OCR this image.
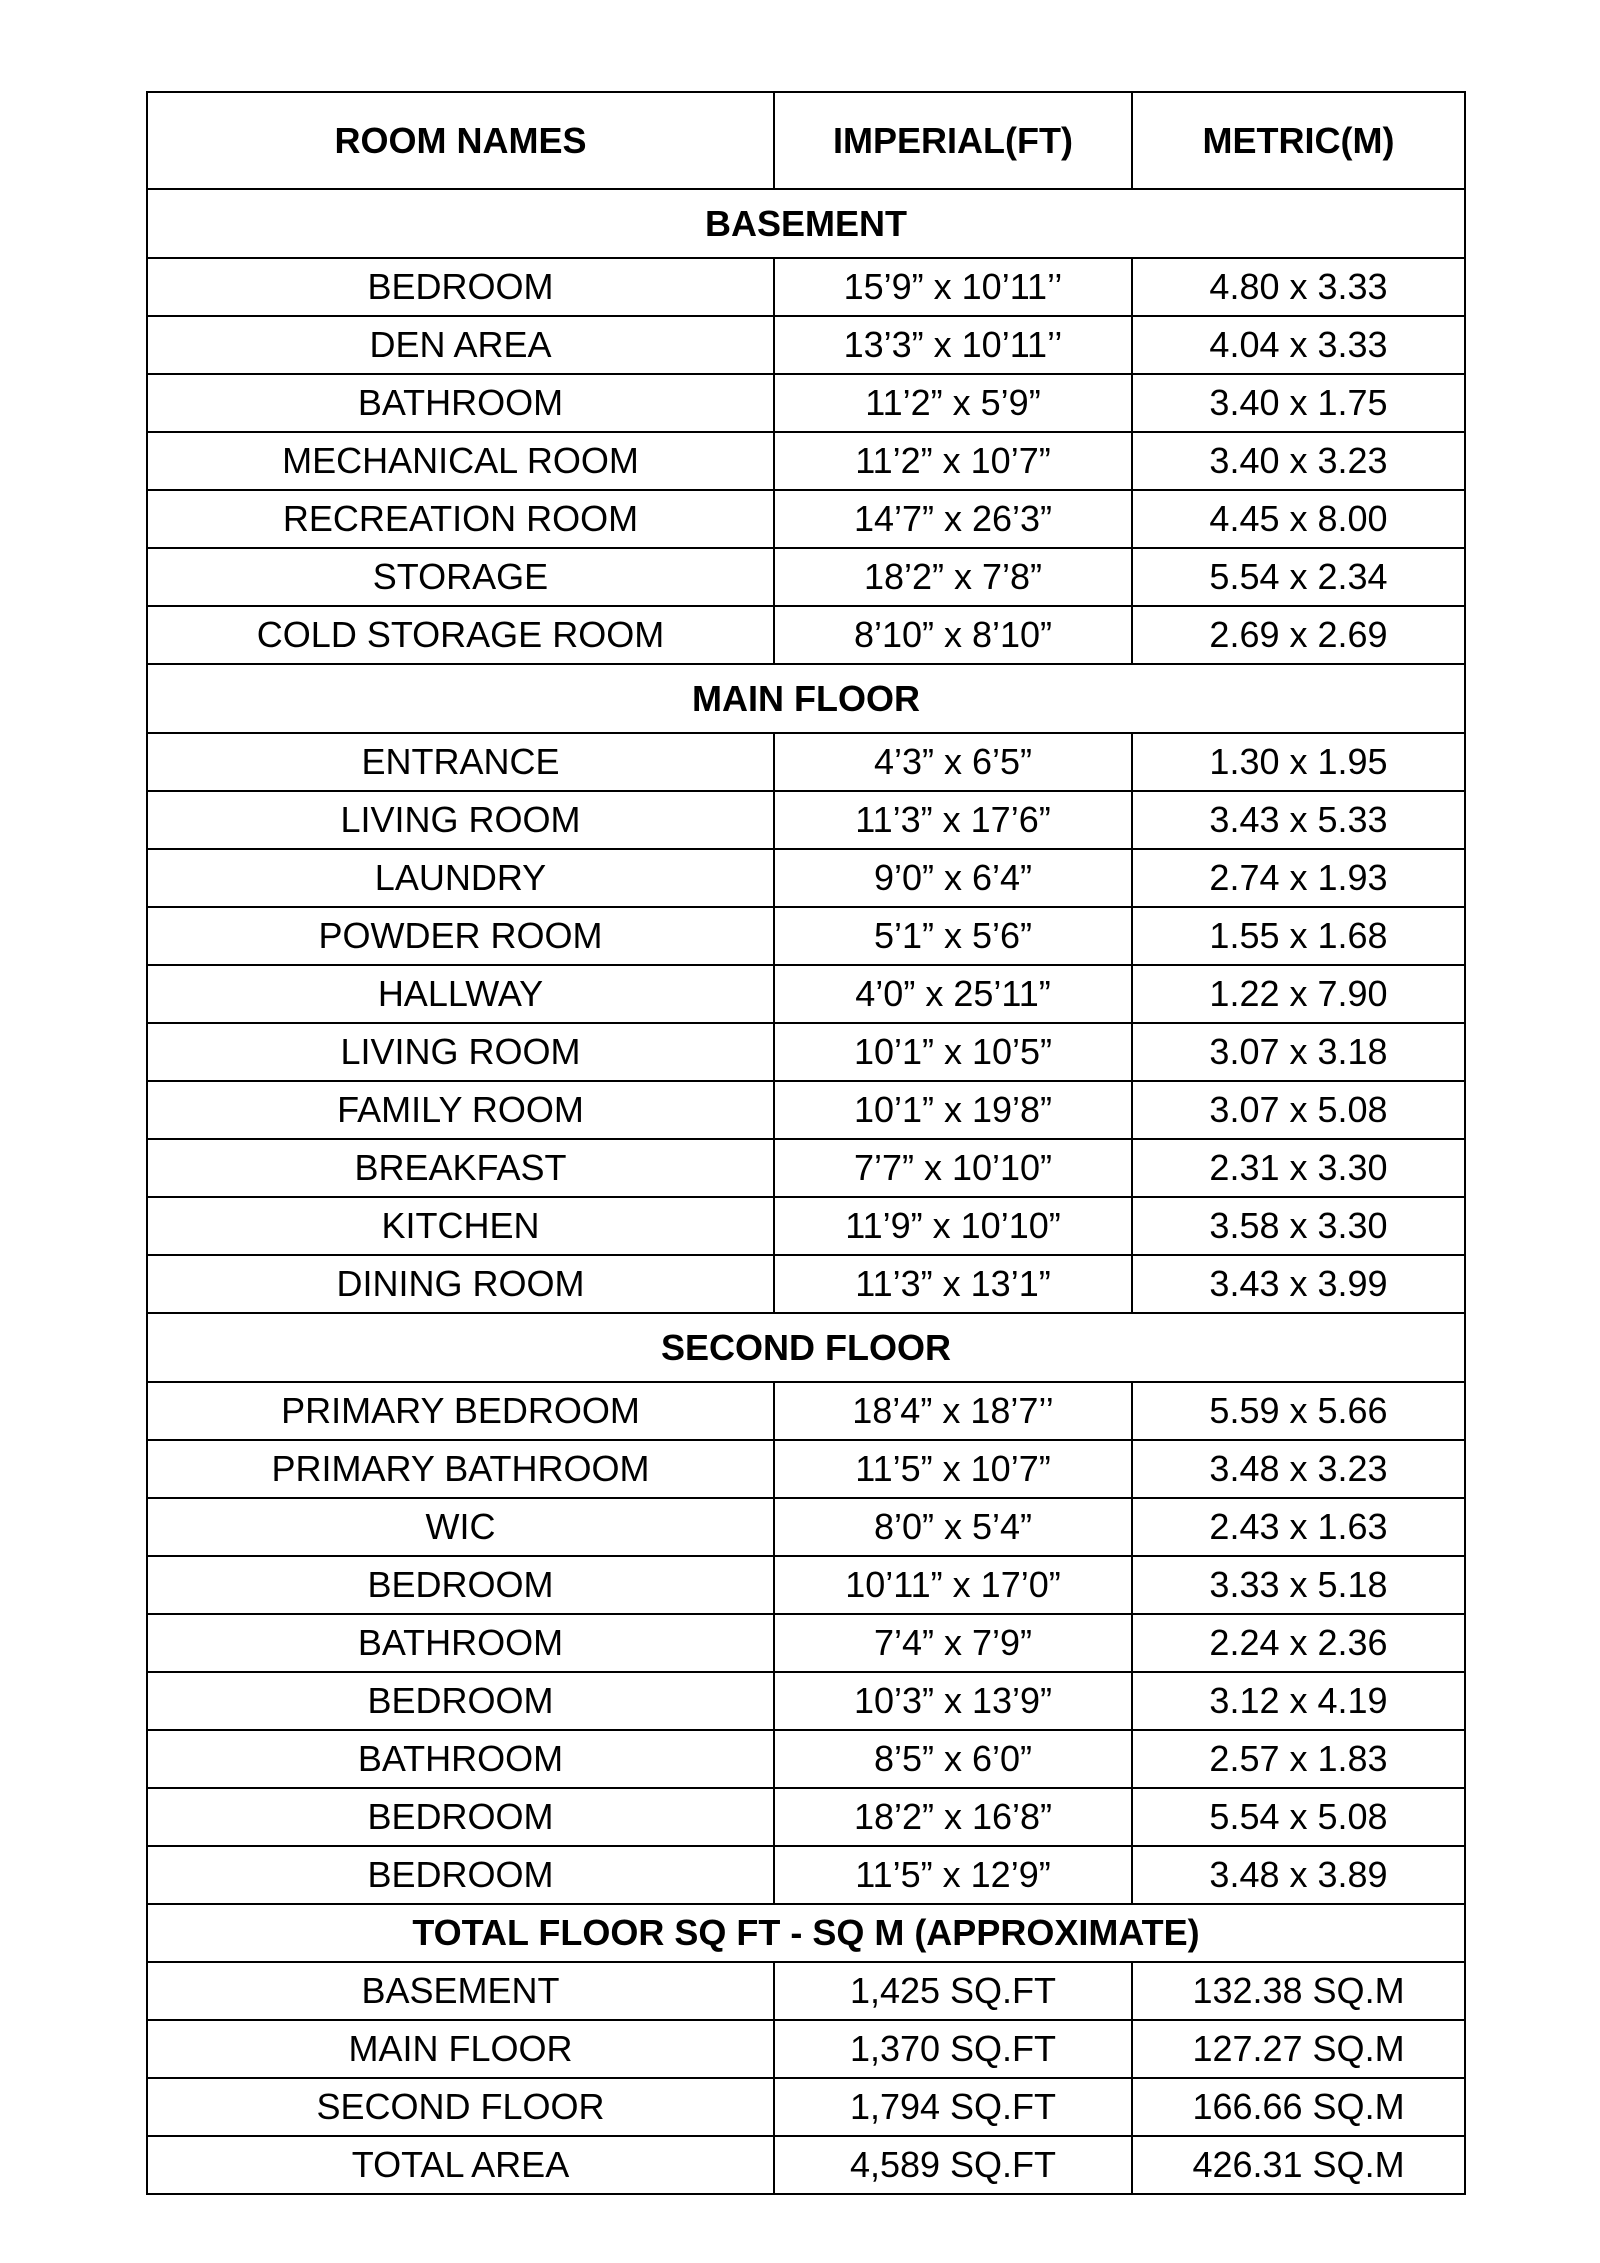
ROOM NAMES	IMPERIAL(FT)	METRIC(M)
BASEMENT		
BEDROOM	15’9” x 10’11’’	4.80 x 3.33
DEN AREA	13’3” x 10’11’’	4.04 x 3.33
BATHROOM	11’2” x 5’9”	3.40 x 1.75
MECHANICAL ROOM	11’2” x 10’7”	3.40 x 3.23
RECREATION ROOM	14’7” x 26’3”	4.45 x 8.00
STORAGE	18’2” x 7’8”	5.54 x 2.34
COLD STORAGE ROOM	8’10” x 8’10”	2.69 x 2.69
MAIN FLOOR		
ENTRANCE	4’3” x 6’5”	1.30 x 1.95
LIVING ROOM	11’3” x 17’6”	3.43 x 5.33
LAUNDRY	9’0” x 6’4”	2.74 x 1.93
POWDER ROOM	5’1” x 5’6”	1.55 x 1.68
HALLWAY	4’0” x 25’11”	1.22 x 7.90
LIVING ROOM	10’1” x 10’5”	3.07 x 3.18
FAMILY ROOM	10’1” x 19’8”	3.07 x 5.08
BREAKFAST	7’7” x 10’10”	2.31 x 3.30
KITCHEN	11’9” x 10’10”	3.58 x 3.30
DINING ROOM	11’3” x 13’1”	3.43 x 3.99
SECOND FLOOR		
PRIMARY BEDROOM	18’4” x 18’7’’	5.59 x 5.66
PRIMARY BATHROOM	11’5” x 10’7”	3.48 x 3.23
WIC	8’0” x 5’4”	2.43 x 1.63
BEDROOM	10’11” x 17’0”	3.33 x 5.18
BATHROOM	7’4” x 7’9”	2.24 x 2.36
BEDROOM	10’3” x 13’9”	3.12 x 4.19
BATHROOM	8’5” x 6’0”	2.57 x 1.83
BEDROOM	18’2” x 16’8”	5.54 x 5.08
BEDROOM	11’5” x 12’9”	3.48 x 3.89
TOTAL FLOOR SQ FT - SQ M (APPROXIMATE)		
BASEMENT	1,425 SQ.FT	132.38 SQ.M
MAIN FLOOR	1,370 SQ.FT	127.27 SQ.M
SECOND FLOOR	1,794 SQ.FT	166.66 SQ.M
TOTAL AREA	4,589 SQ.FT	426.31 SQ.M
